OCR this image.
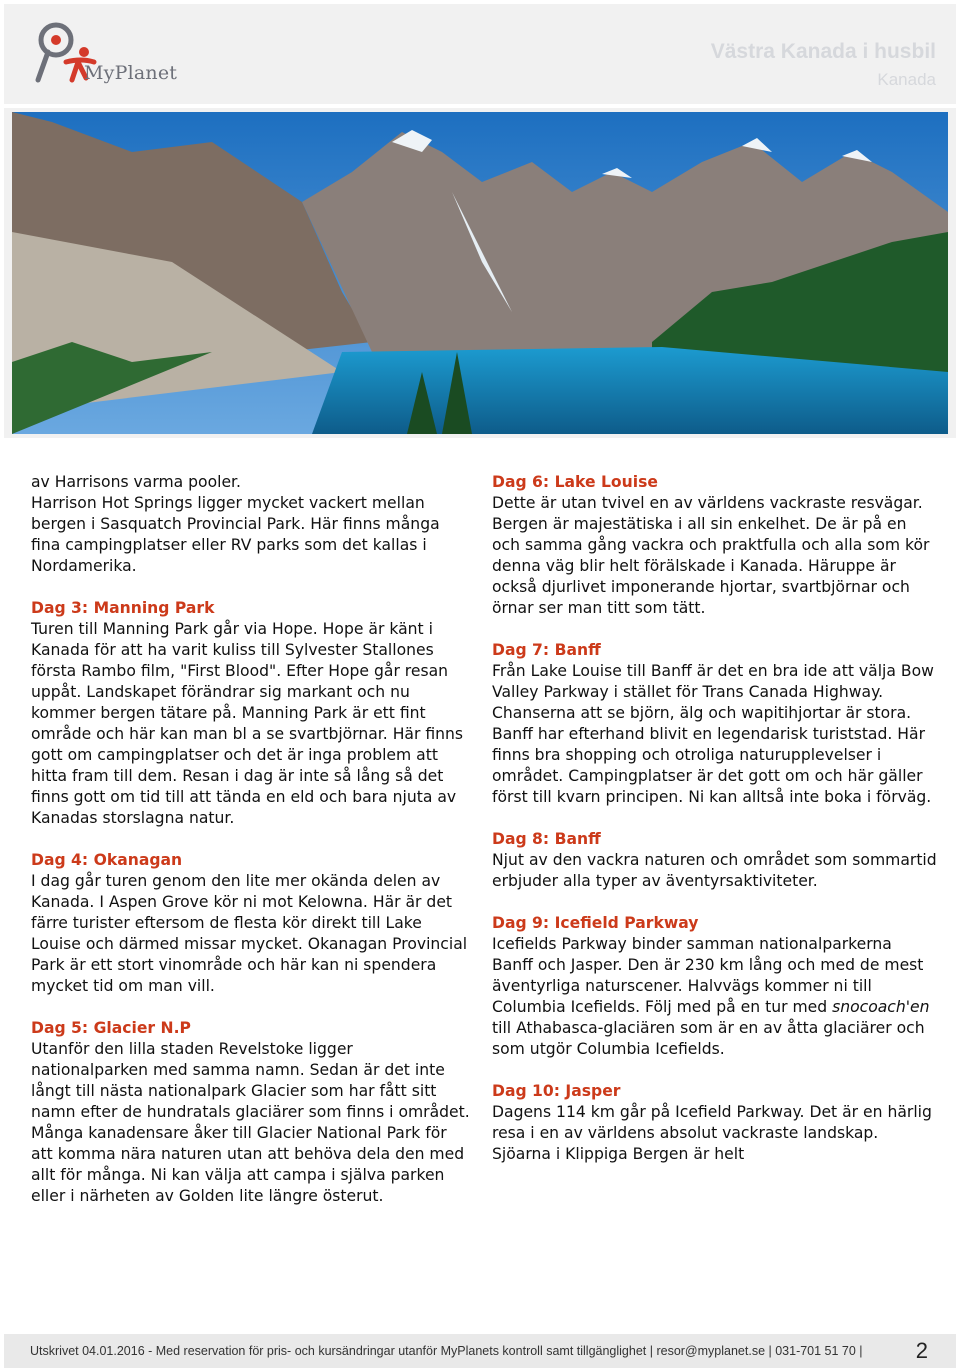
MyPlanet
Västra Kanada i husbil
Kanada

av Harrisons varma pooler.

Harrison Hot Springs ligger mycket vackert mellan bergen i Sasquatch Provincial Park. Här finns många fina campingplatser eller RV parks som det kallas i Nordamerika.

Dag 3: Manning Park

Turen till Manning Park går via Hope. Hope är känt i Kanada för att ha varit kuliss till Sylvester Stallones första Rambo film, "First Blood". Efter Hope går resan uppåt. Landskapet förändrar sig markant och nu kommer bergen tätare på. Manning Park är ett fint område och här kan man bl a se svartbjörnar. Här finns gott om campingplatser och det är inga problem att hitta fram till dem. Resan i dag är inte så lång så det finns gott om tid till att tända en eld och bara njuta av Kanadas storslagna natur.

Dag 4: Okanagan

I dag går turen genom den lite mer okända delen av Kanada. I Aspen Grove kör ni mot Kelowna. Här är det färre turister eftersom de flesta kör direkt till Lake Louise och därmed missar mycket. Okanagan Provincial Park är ett stort vinområde och här kan ni spendera mycket tid om man vill.

Dag 5: Glacier N.P

Utanför den lilla staden Revelstoke ligger nationalparken med samma namn. Sedan är det inte långt till nästa nationalpark Glacier som har fått sitt namn efter de hundratals glaciärer som finns i området. Många kanadensare åker till Glacier National Park för att komma nära naturen utan att behöva dela den med allt för många. Ni kan välja att campa i själva parken eller i närheten av Golden lite längre österut.

Dag 6: Lake Louise

Dette är utan tvivel en av världens vackraste resvägar. Bergen är majestätiska i all sin enkelhet. De är på en och samma gång vackra och praktfulla och alla som kör denna väg blir helt förälskade i Kanada. Häruppe är också djurlivet imponerande hjortar, svartbjörnar och örnar ser man titt som tätt.

Dag 7: Banff

Från Lake Louise till Banff är det en bra ide att välja Bow Valley Parkway i stället för Trans Canada Highway. Chanserna att se björn, älg och wapitihjortar är stora. Banff har efterhand blivit en legendarisk turiststad. Här finns bra shopping och otroliga naturupplevelser i området. Campingplatser är det gott om och här gäller först till kvarn principen. Ni kan alltså inte boka i förväg.

Dag 8: Banff

Njut av den vackra naturen och området som sommartid erbjuder alla typer av äventyrsaktiviteter.

Dag 9: Icefield Parkway

Icefields Parkway binder samman nationalparkerna Banff och Jasper. Den är 230 km lång och med de mest äventyrliga naturscener. Halvvägs kommer ni till Columbia Icefields. Följ med på en tur med snocoach'en till Athabasca-glaciären som är en av åtta glaciärer och som utgör Columbia Icefields.

Dag 10: Jasper

Dagens 114 km går på Icefield Parkway. Det är en härlig resa i en av världens absolut vackraste landskap. Sjöarna i Klippiga Bergen är helt

Utskrivet 04.01.2016 - Med reservation för pris- och kursändringar utanför MyPlanets kontroll samt tillgänglighet | resor@myplanet.se | 031-701 51 70 | 2
